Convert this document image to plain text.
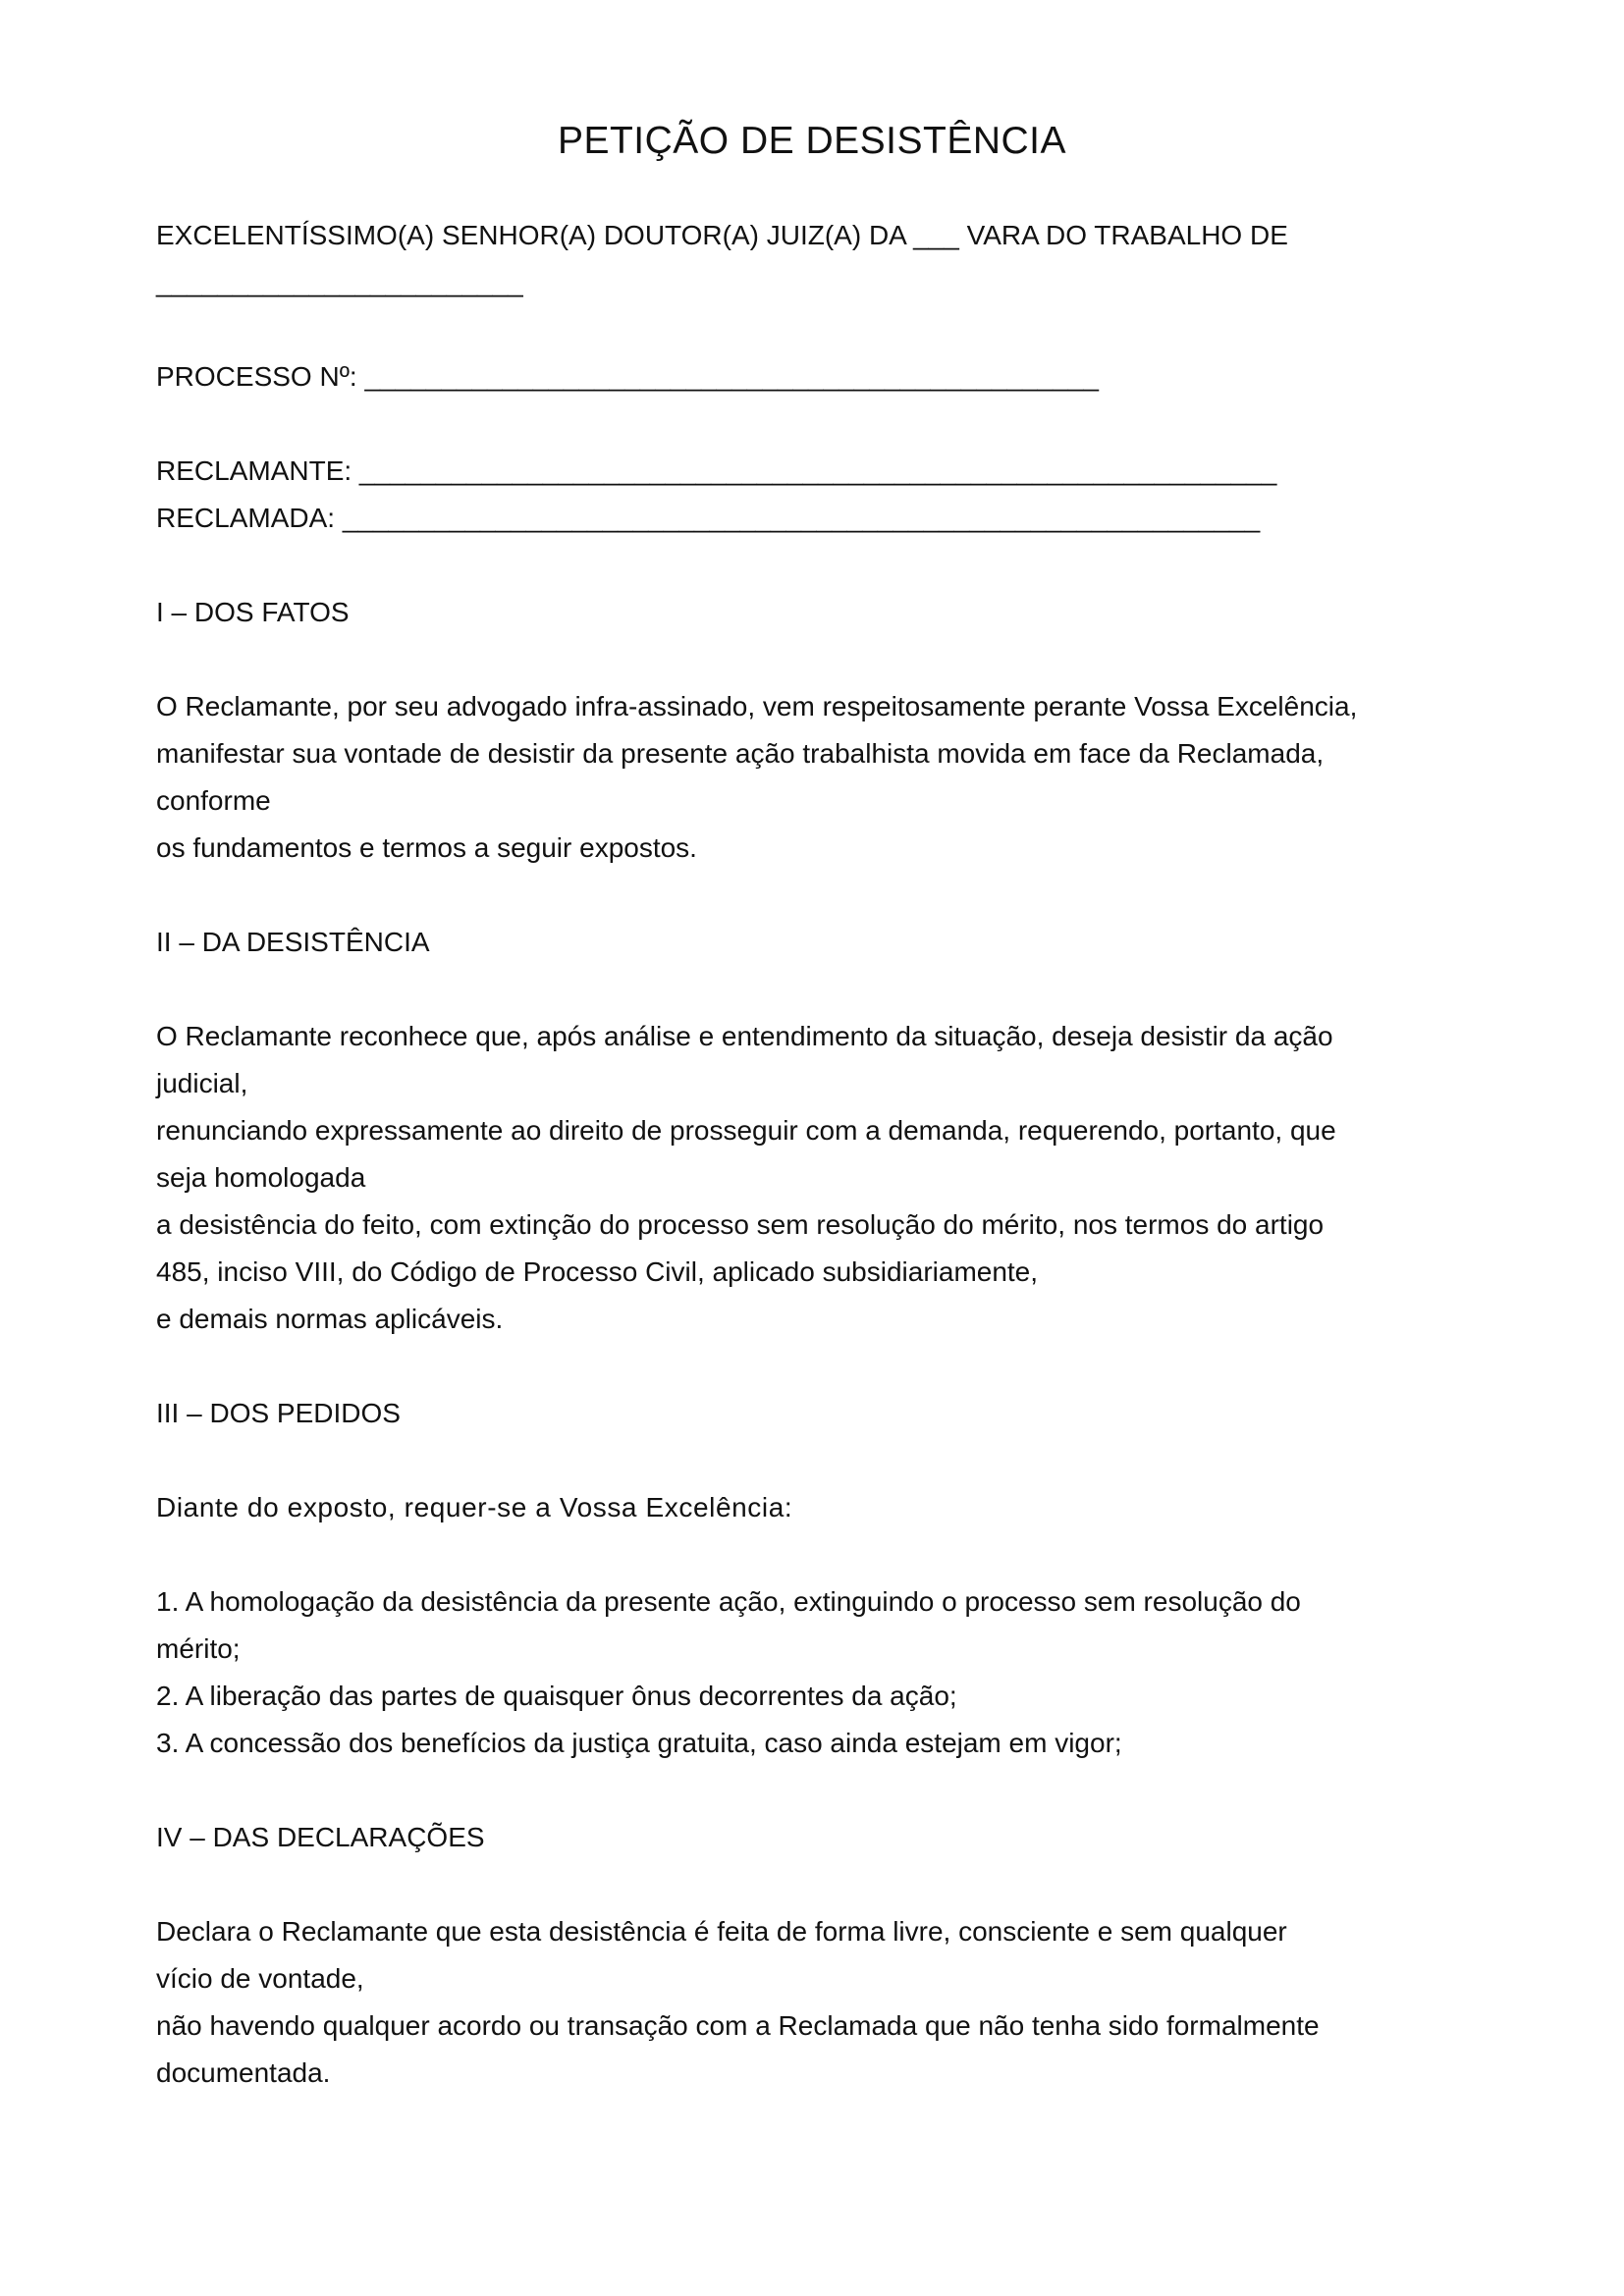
PETIÇÃO DE DESISTÊNCIA
EXCELENTÍSSIMO(A) SENHOR(A) DOUTOR(A) JUIZ(A) DA ___ VARA DO TRABALHO DE
________________________
PROCESSO Nº: ________________________________________________
RECLAMANTE: ____________________________________________________________
RECLAMADA: ____________________________________________________________
I – DOS FATOS
O Reclamante, por seu advogado infra-assinado, vem respeitosamente perante Vossa Excelência,
manifestar sua vontade de desistir da presente ação trabalhista movida em face da Reclamada,
conforme
os fundamentos e termos a seguir expostos.
II – DA DESISTÊNCIA
O Reclamante reconhece que, após análise e entendimento da situação, deseja desistir da ação
judicial,
renunciando expressamente ao direito de prosseguir com a demanda, requerendo, portanto, que
seja homologada
a desistência do feito, com extinção do processo sem resolução do mérito, nos termos do artigo
485, inciso VIII, do Código de Processo Civil, aplicado subsidiariamente,
e demais normas aplicáveis.
III – DOS PEDIDOS
Diante do exposto, requer-se a Vossa Excelência:
1. A homologação da desistência da presente ação, extinguindo o processo sem resolução do
mérito;
2. A liberação das partes de quaisquer ônus decorrentes da ação;
3. A concessão dos benefícios da justiça gratuita, caso ainda estejam em vigor;
IV – DAS DECLARAÇÕES
Declara o Reclamante que esta desistência é feita de forma livre, consciente e sem qualquer
vício de vontade,
não havendo qualquer acordo ou transação com a Reclamada que não tenha sido formalmente
documentada.
